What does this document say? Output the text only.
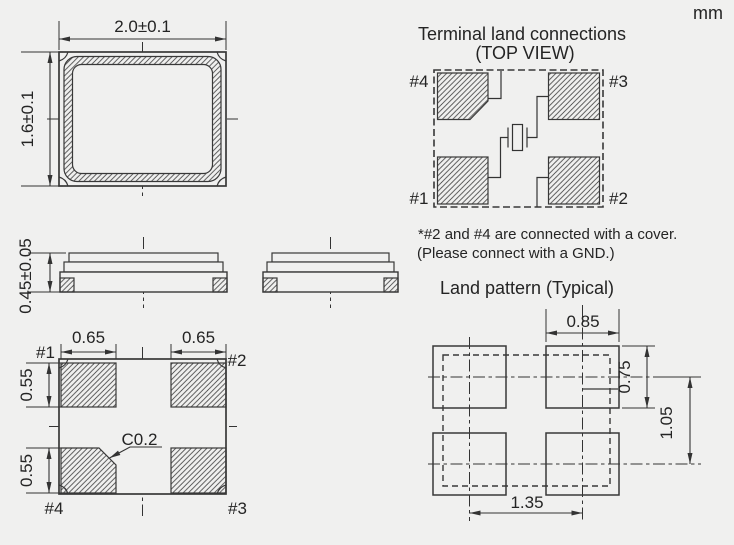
2.0±0.1
1.6±0.1
0.45±0.05
0.65	0.65
0.55
0.55
C0.2
#1	#2
#4	#3
mm
Terminal land connections
(TOP VIEW)
#4	#3
#1	#2
*#2 and #4 are connected with a cover.
(Please connect with a GND.)
Land pattern (Typical)
0.85
0.75
1.05
1.35
